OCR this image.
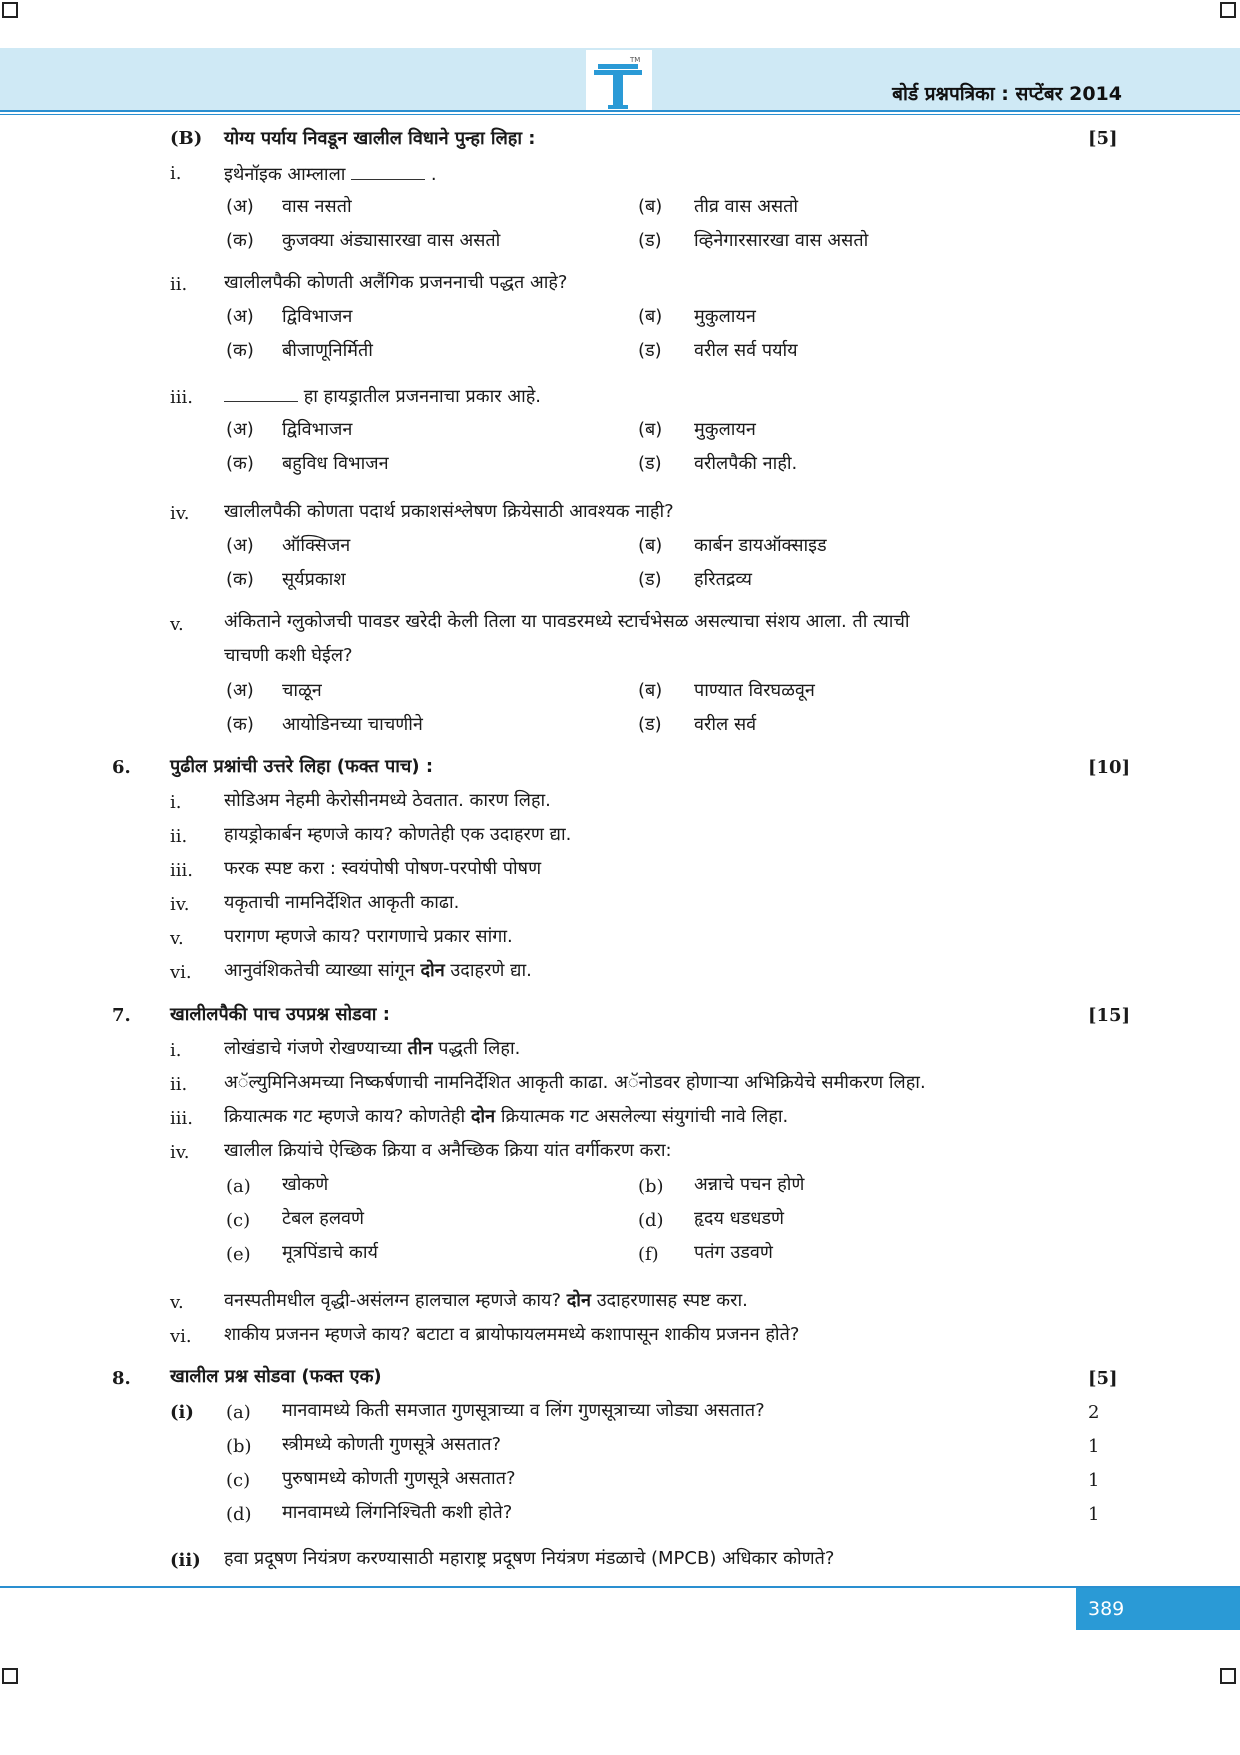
TM
बोर्ड प्रश्नपत्रिका : सप्टेंबर 2014
(B) योग्य पर्याय निवडून खालील विधाने पुन्हा लिहा :	[5]
i. इथेनॉइक आम्लाला	.
(अ) वास नसतो	(ब) तीव्र वास असतो
(क) कुजक्या अंड्यासारखा वास असतो	(ड) व्हिनेगारसारखा वास असतो
ii. खालीलपैकी कोणती अलैंगिक प्रजननाची पद्धत आहे?
(अ) द्विविभाजन	(ब) मुकुलायन
(क) बीजाणूनिर्मिती	(ड) वरील सर्व पर्याय
iii.	हा हायड्रातील प्रजननाचा प्रकार आहे.
(अ) द्विविभाजन	(ब) मुकुलायन
(क) बहुविध विभाजन	(ड) वरीलपैकी नाही.
iv. खालीलपैकी कोणता पदार्थ प्रकाशसंश्लेषण क्रियेसाठी आवश्यक नाही?
(अ) ऑक्सिजन	(ब) कार्बन डायऑक्साइड
(क) सूर्यप्रकाश	(ड) हरितद्रव्य
v. अंकिताने ग्लुकोजची पावडर खरेदी केली तिला या पावडरमध्ये स्टार्चभेसळ असल्याचा संशय आला. ती त्याची
चाचणी कशी घेईल?
(अ) चाळून	(ब) पाण्यात विरघळवून
(क) आयोडिनच्या चाचणीने	(ड) वरील सर्व
6. पुढील प्रश्नांची उत्तरे लिहा (फक्त पाच) :	[10]
i. सोडिअम नेहमी केरोसीनमध्ये ठेवतात. कारण लिहा.
ii. हायड्रोकार्बन म्हणजे काय? कोणतेही एक उदाहरण द्या.
iii. फरक स्पष्ट करा : स्वयंपोषी पोषण-परपोषी पोषण
iv. यकृताची नामनिर्देशित आकृती काढा.
v. परागण म्हणजे काय? परागणाचे प्रकार सांगा.
vi. आनुवंशिकतेची व्याख्या सांगून दोन उदाहरणे द्या.
7. खालीलपैकी पाच उपप्रश्न सोडवा :	[15]
i. लोखंडाचे गंजणे रोखण्याच्या तीन पद्धती लिहा.
ii. अॅल्युमिनिअमच्या निष्कर्षणाची नामनिर्देशित आकृती काढा. अॅनोडवर होणाऱ्या अभिक्रियेचे समीकरण लिहा.
iii. क्रियात्मक गट म्हणजे काय? कोणतेही दोन क्रियात्मक गट असलेल्या संयुगांची नावे लिहा.
iv. खालील क्रियांचे ऐच्छिक क्रिया व अनैच्छिक क्रिया यांत वर्गीकरण करा:
(a) खोकणे	(b) अन्नाचे पचन होणे
(c) टेबल हलवणे	(d) हृदय धडधडणे
(e) मूत्रपिंडाचे कार्य	(f) पतंग उडवणे
v. वनस्पतीमधील वृद्धी-असंलग्न हालचाल म्हणजे काय? दोन उदाहरणासह स्पष्ट करा.
vi. शाकीय प्रजनन म्हणजे काय? बटाटा व ब्रायोफायलममध्ये कशापासून शाकीय प्रजनन होते?
8. खालील प्रश्न सोडवा (फक्त एक)	[5]
(i) (a) मानवामध्ये किती समजात गुणसूत्राच्या व लिंग गुणसूत्राच्या जोड्या असतात?	2
(b) स्त्रीमध्ये कोणती गुणसूत्रे असतात?	1
(c) पुरुषामध्ये कोणती गुणसूत्रे असतात?	1
(d) मानवामध्ये लिंगनिश्चिती कशी होते?	1
(ii) हवा प्रदूषण नियंत्रण करण्यासाठी महाराष्ट्र प्रदूषण नियंत्रण मंडळाचे (MPCB) अधिकार कोणते?
389
